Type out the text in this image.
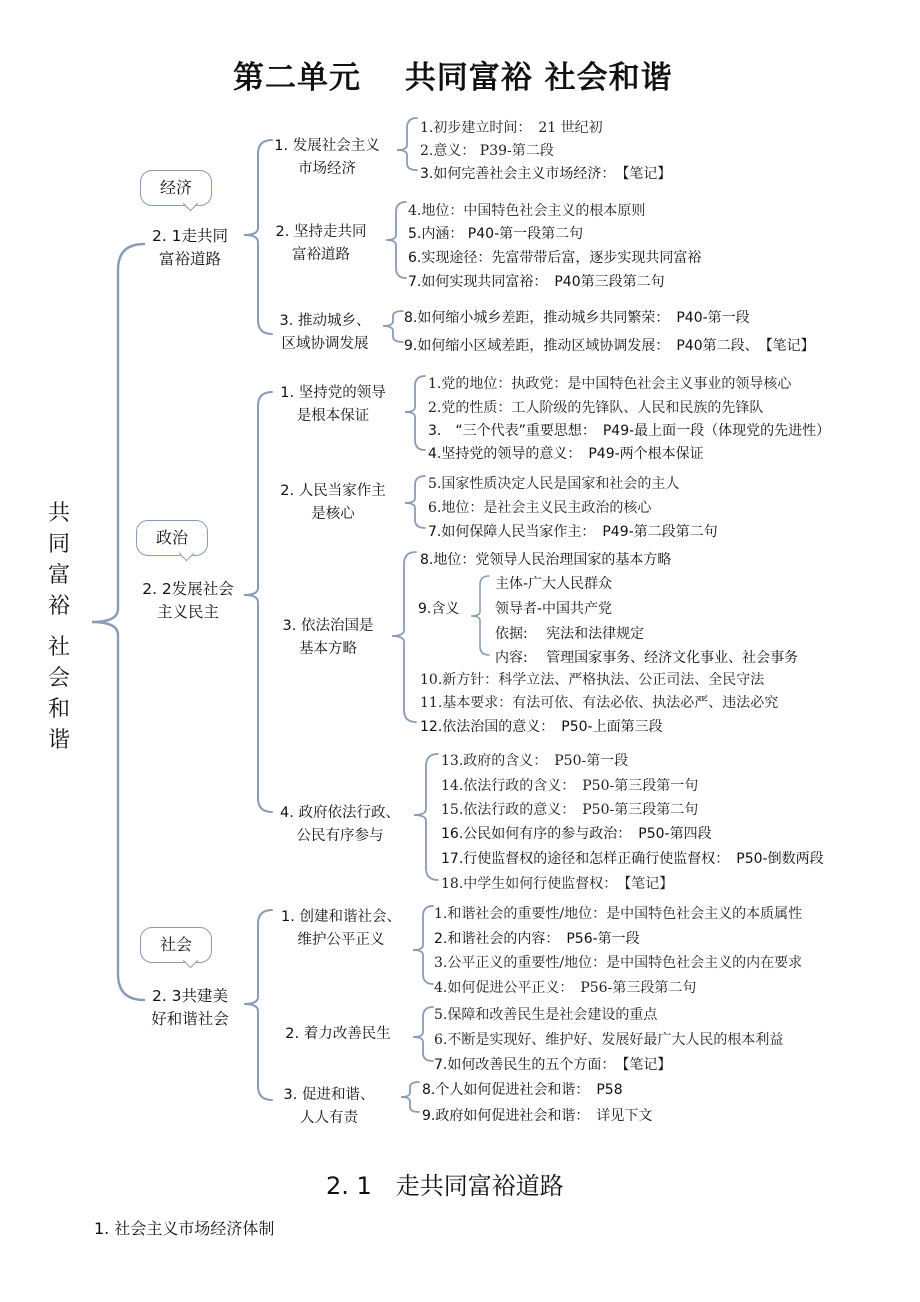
第二单元　 共同富裕 社会和谐
共
同
富
裕
社
会
和
谐
经济
政治
社会
2. 1走共同
富裕道路
2. 2发展社会
主义民主
2. 3共建美
好和谐社会
1. 发展社会主义
市场经济
2. 坚持走共同
富裕道路
3. 推动城乡、
区域协调发展
1. 坚持党的领导
是根本保证
2. 人民当家作主
是核心
3. 依法治国是
基本方略
4. 政府依法行政、
公民有序参与
1. 创建和谐社会、
维护公平正义
2. 着力改善民生
3. 促进和谐、
人人有责
1.初步建立时间：　21 世纪初
2.意义： P39-第二段
3.如何完善社会主义市场经济：　【笔记】
4.地位：中国特色社会主义的根本原则
5.内涵： P40-第一段第二句
6.实现途径：先富带带后富，逐步实现共同富裕
7.如何实现共同富裕：　P40第三段第二句
8.如何缩小城乡差距，推动城乡共同繁荣：　P40-第一段
9.如何缩小区域差距，推动区域协调发展：　P40第二段、　【笔记】
1.党的地位：执政党：是中国特色社会主义事业的领导核心
2.党的性质：工人阶级的先锋队、人民和民族的先锋队
3.　“三个代表”重要思想：　P49-最上面一段（体现党的先进性）
4.坚持党的领导的意义：　P49-两个根本保证
5.国家性质决定人民是国家和社会的主人
6.地位：是社会主义民主政治的核心
7.如何保障人民当家作主：　P49-第二段第二句
8.地位：党领导人民治理国家的基本方略
9.含义
主体-广大人民群众
领导者-中国共产党
依据:　 宪法和法律规定
内容:　 管理国家事务、经济文化事业、社会事务
10.新方针：科学立法、严格执法、公正司法、全民守法
11.基本要求：有法可依、有法必依、执法必严、违法必究
12.依法治国的意义：　P50-上面第三段
13.政府的含义：　P50-第一段
14.依法行政的含义：　P50-第三段第一句
15.依法行政的意义：　P50-第三段第二句
16.公民如何有序的参与政治：　P50-第四段
17.行使监督权的途径和怎样正确行使监督权：　P50-倒数两段
18.中学生如何行使监督权：　【笔记】
1.和谐社会的重要性/地位：是中国特色社会主义的本质属性
2.和谐社会的内容：　P56-第一段
3.公平正义的重要性/地位：是中国特色社会主义的内在要求
4.如何促进公平正义：　P56-第三段第二句
5.保障和改善民生是社会建设的重点
6.不断是实现好、维护好、发展好最广大人民的根本利益
7.如何改善民生的五个方面：　【笔记】
8.个人如何促进社会和谐：　P58
9.政府如何促进社会和谐：　详见下文
2. 1　走共同富裕道路
1. 社会主义市场经济体制
